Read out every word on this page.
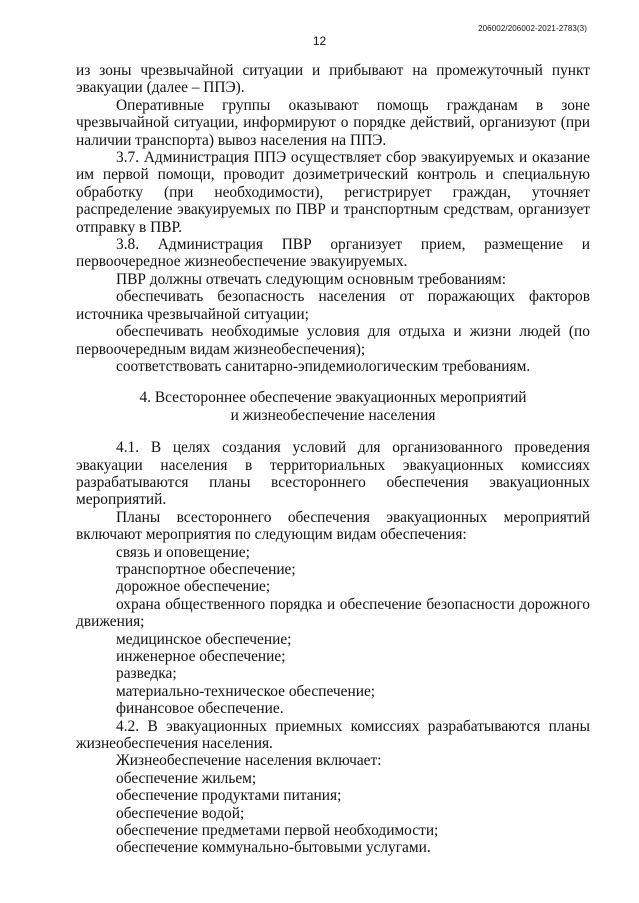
206002/206002-2021-2783(3)
12

из зоны чрезвычайной ситуации и прибывают на промежуточный пункт эвакуации (далее – ППЭ).

Оперативные группы оказывают помощь гражданам в зоне чрезвычайной ситуации, информируют о порядке действий, организуют (при наличии транспорта) вывоз населения на ППЭ.

3.7. Администрация ППЭ осуществляет сбор эвакуируемых и оказание им первой помощи, проводит дозиметрический контроль и специальную обработку (при необходимости), регистрирует граждан, уточняет распределение эвакуируемых по ПВР и транспортным средствам, организует отправку в ПВР.

3.8. Администрация ПВР организует прием, размещение и первоочередное жизнеобеспечение эвакуируемых.

ПВР должны отвечать следующим основным требованиям:

обеспечивать безопасность населения от поражающих факторов источника чрезвычайной ситуации;

обеспечивать необходимые условия для отдыха и жизни людей (по первоочередным видам жизнеобеспечения);

соответствовать санитарно-эпидемиологическим требованиям.

4. Всестороннее обеспечение эвакуационных мероприятий
и жизнеобеспечение населения

4.1. В целях создания условий для организованного проведения эвакуации населения в территориальных эвакуационных комиссиях разрабатываются планы всестороннего обеспечения эвакуационных мероприятий.

Планы всестороннего обеспечения эвакуационных мероприятий включают мероприятия по следующим видам обеспечения:

связь и оповещение;

транспортное обеспечение;

дорожное обеспечение;

охрана общественного порядка и обеспечение безопасности дорожного движения;

медицинское обеспечение;

инженерное обеспечение;

разведка;

материально-техническое обеспечение;

финансовое обеспечение.

4.2. В эвакуационных приемных комиссиях разрабатываются планы жизнеобеспечения населения.

Жизнеобеспечение населения включает:

обеспечение жильем;

обеспечение продуктами питания;

обеспечение водой;

обеспечение предметами первой необходимости;

обеспечение коммунально-бытовыми услугами.
